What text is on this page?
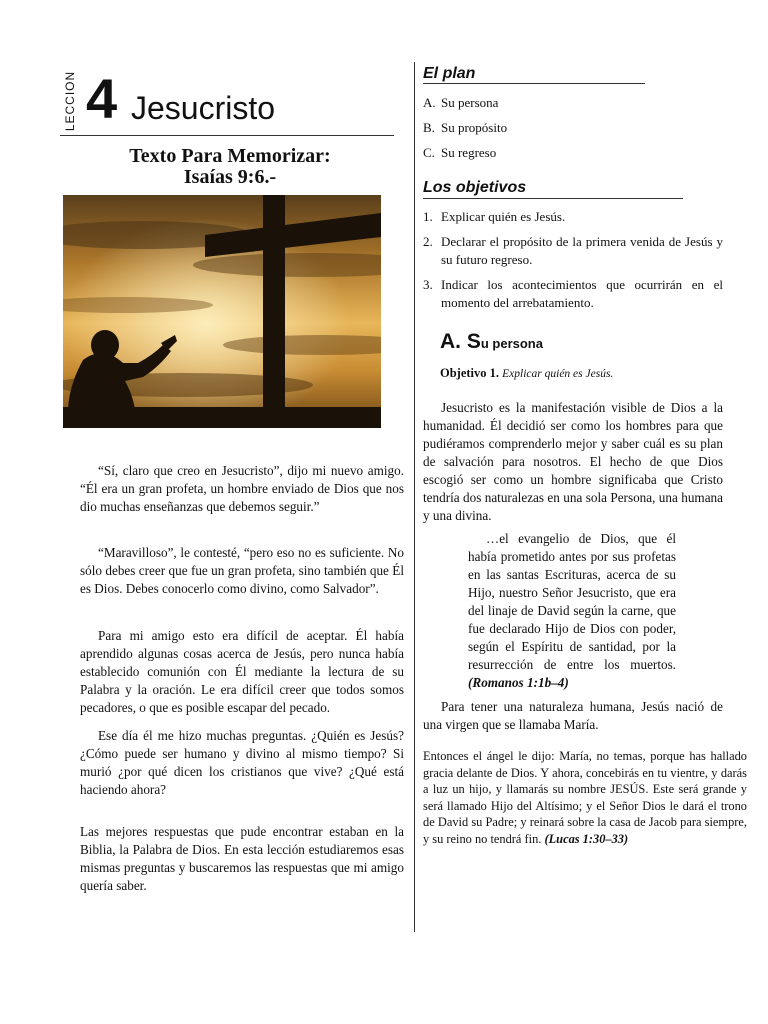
LECCION 4 Jesucristo
Texto Para Memorizar:
Isaías 9:6.-

“Sí, claro que creo en Jesucristo”, dijo mi nuevo amigo. “Él era un gran profeta, un hombre enviado de Dios que nos dio muchas enseñanzas que debemos seguir.”

“Maravilloso”, le contesté, “pero eso no es suficiente. No sólo debes creer que fue un gran profeta, sino también que Él es Dios. Debes conocerlo como divino, como Salvador”.

Para mi amigo esto era difícil de aceptar. Él había aprendido algunas cosas acerca de Jesús, pero nunca había establecido comunión con Él mediante la lectura de su Palabra y la oración. Le era difícil creer que todos somos pecadores, o que es posible escapar del pecado.

Ese día él me hizo muchas preguntas. ¿Quién es Jesús? ¿Cómo puede ser humano y divino al mismo tiempo? Si murió ¿por qué dicen los cristianos que vive? ¿Qué está haciendo ahora?

Las mejores respuestas que pude encontrar estaban en la Biblia, la Palabra de Dios. En esta lección estudiaremos esas mismas preguntas y buscaremos las respuestas que mi amigo quería saber.

El plan
A. Su persona
B. Su propósito
C. Su regreso
Los objetivos
1. Explicar quién es Jesús.
2. Declarar el propósito de la primera venida de Jesús y su futuro regreso.
3. Indicar los acontecimientos que ocurrirán en el momento del arrebatamiento.
A. Su persona
Objetivo 1. Explicar quién es Jesús.

Jesucristo es la manifestación visible de Dios a la humanidad. Él decidió ser como los hombres para que pudiéramos comprenderlo mejor y saber cuál es su plan de salvación para nosotros. El hecho de que Dios escogió ser como un hombre significaba que Cristo tendría dos naturalezas en una sola Persona, una humana y una divina.

…el evangelio de Dios, que él había prometido antes por sus profetas en las santas Escrituras, acerca de su Hijo, nuestro Señor Jesucristo, que era del linaje de David según la carne, que fue declarado Hijo de Dios con poder, según el Espíritu de santidad, por la resurrección de entre los muertos. (Romanos 1:1b–4)

Para tener una naturaleza humana, Jesús nació de una virgen que se llamaba María.

Entonces el ángel le dijo: María, no temas, porque has hallado gracia delante de Dios. Y ahora, concebirás en tu vientre, y darás a luz un hijo, y llamarás su nombre JESÚS. Este será grande y será llamado Hijo del Altísimo; y el Señor Dios le dará el trono de David su Padre; y reinará sobre la casa de Jacob para siempre, y su reino no tendrá fin. (Lucas 1:30–33)
